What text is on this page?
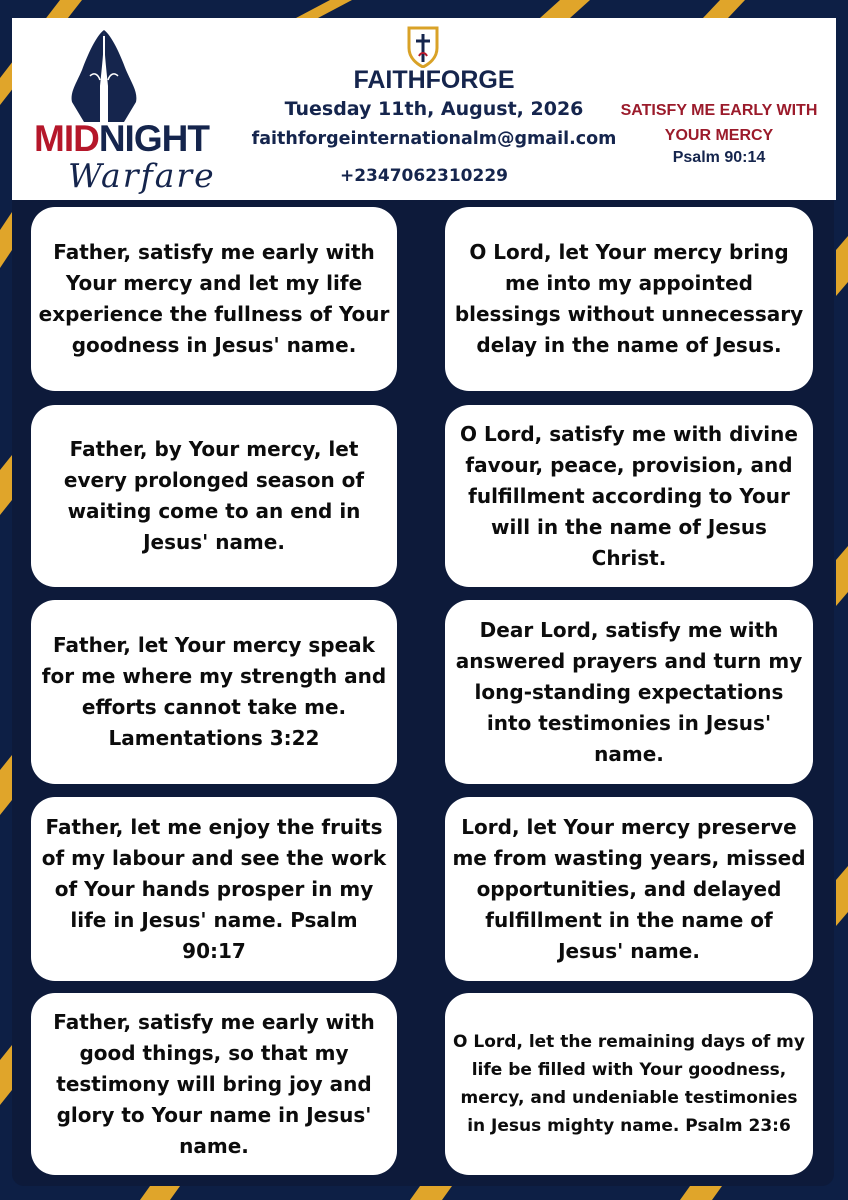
MIDNIGHT
Warfare
FAITHFORGE
Tuesday 11th, August, 2026
faithforgeinternationalm@gmail.com
+2347062310229
SATISFY ME EARLY WITH
YOUR MERCY
Psalm 90:14
Father, satisfy me early with Your mercy and let my life experience the fullness of Your goodness in Jesus' name.
O Lord, let Your mercy bring me into my appointed blessings without unnecessary delay in the name of Jesus.
Father, by Your mercy, let every prolonged season of waiting come to an end in Jesus' name.
O Lord, satisfy me with divine favour, peace, provision, and fulfillment according to Your will in the name of Jesus Christ.
Father, let Your mercy speak for me where my strength and efforts cannot take me. Lamentations 3:22
Dear Lord, satisfy me with answered prayers and turn my long-standing expectations into testimonies in Jesus' name.
Father, let me enjoy the fruits of my labour and see the work of Your hands prosper in my life in Jesus' name. Psalm 90:17
Lord, let Your mercy preserve me from wasting years, missed opportunities, and delayed fulfillment in the name of Jesus' name.
Father, satisfy me early with good things, so that my testimony will bring joy and glory to Your name in Jesus' name.
O Lord, let the remaining days of my life be filled with Your goodness, mercy, and undeniable testimonies in Jesus mighty name. Psalm 23:6
